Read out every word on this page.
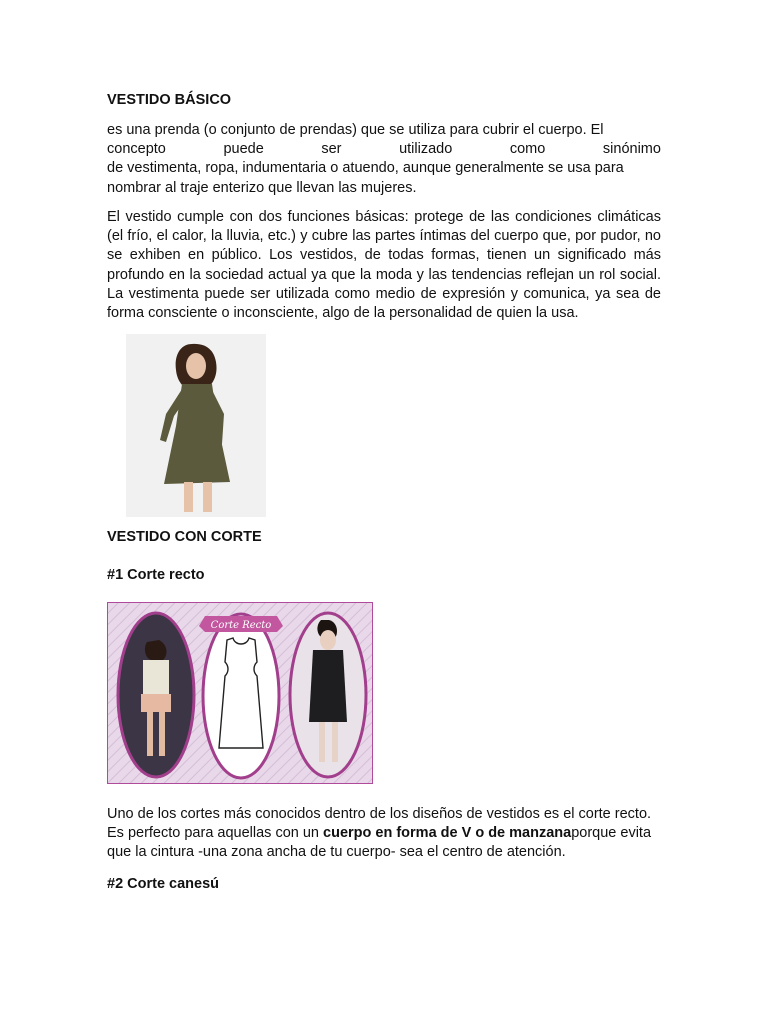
VESTIDO BÁSICO
es una prenda (o conjunto de prendas) que se utiliza para cubrir el cuerpo. El
concepto	puede	ser	utilizado	como	sinónimo
de vestimenta, ropa, indumentaria o atuendo, aunque generalmente se usa para
nombrar al traje enterizo que llevan las mujeres.

El vestido cumple con dos funciones básicas: protege de las condiciones climáticas (el frío, el calor, la lluvia, etc.) y cubre las partes íntimas del cuerpo que, por pudor, no se exhiben en público. Los vestidos, de todas formas, tienen un significado más profundo en la sociedad actual ya que la moda y las tendencias reflejan un rol social. La vestimenta puede ser utilizada como medio de expresión y comunica, ya sea de forma consciente o inconsciente, algo de la personalidad de quien la usa.

VESTIDO CON CORTE
#1 Corte recto

Uno de los cortes más conocidos dentro de los diseños de vestidos es el corte recto. Es perfecto para aquellas con un cuerpo en forma de V o de manzanaporque evita que la cintura -una zona ancha de tu cuerpo- sea el centro de atención.

#2 Corte canesú
Corte Recto
